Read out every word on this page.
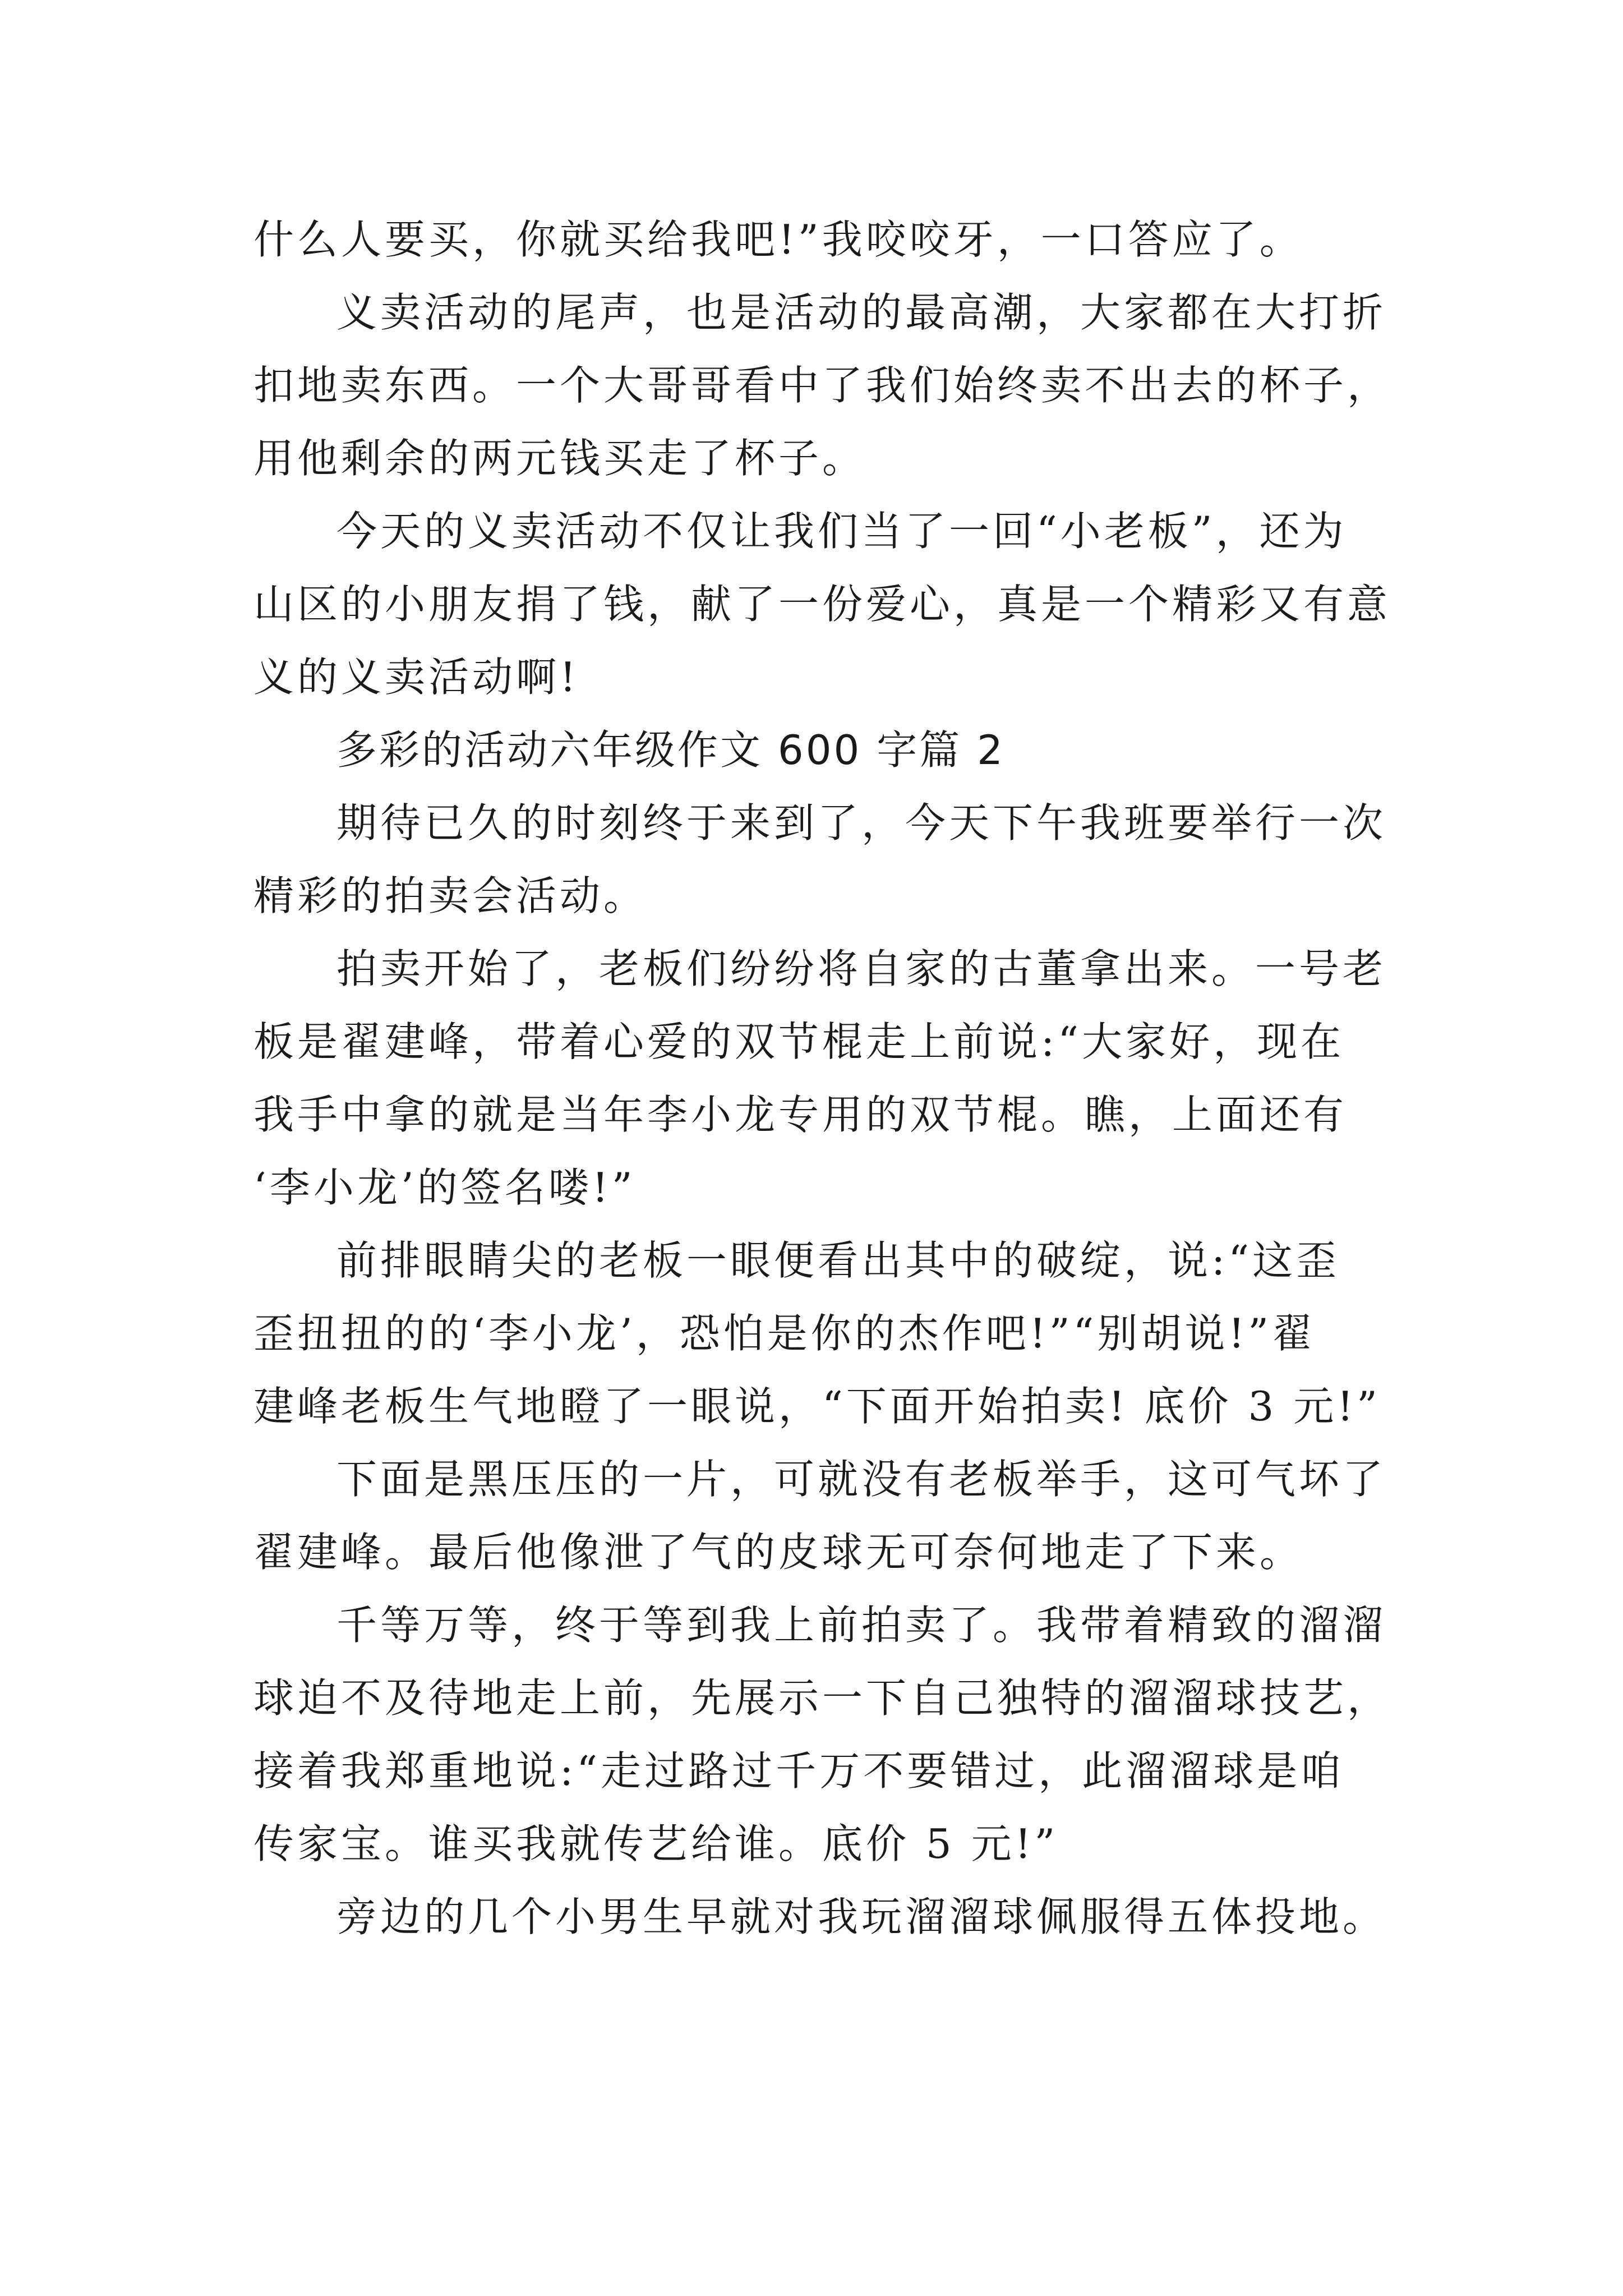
什么人要买，你就买给我吧!”我咬咬牙，一口答应了。
义卖活动的尾声，也是活动的最高潮，大家都在大打折
扣地卖东西。一个大哥哥看中了我们始终卖不出去的杯子，
用他剩余的两元钱买走了杯子。
今天的义卖活动不仅让我们当了一回“小老板”，还为
山区的小朋友捐了钱，献了一份爱心，真是一个精彩又有意
义的义卖活动啊!
多彩的活动六年级作文 600 字篇 2
期待已久的时刻终于来到了，今天下午我班要举行一次
精彩的拍卖会活动。
拍卖开始了，老板们纷纷将自家的古董拿出来。一号老
板是翟建峰，带着心爱的双节棍走上前说:“大家好，现在
我手中拿的就是当年李小龙专用的双节棍。瞧，上面还有
‘李小龙’的签名喽!”
前排眼睛尖的老板一眼便看出其中的破绽，说:“这歪
歪扭扭的的‘李小龙’，恐怕是你的杰作吧!”“别胡说!”翟
建峰老板生气地瞪了一眼说，“下面开始拍卖! 底价 3 元!”
下面是黑压压的一片，可就没有老板举手，这可气坏了
翟建峰。最后他像泄了气的皮球无可奈何地走了下来。
千等万等，终于等到我上前拍卖了。我带着精致的溜溜
球迫不及待地走上前，先展示一下自己独特的溜溜球技艺，
接着我郑重地说:“走过路过千万不要错过，此溜溜球是咱
传家宝。谁买我就传艺给谁。底价 5 元!”
旁边的几个小男生早就对我玩溜溜球佩服得五体投地。
